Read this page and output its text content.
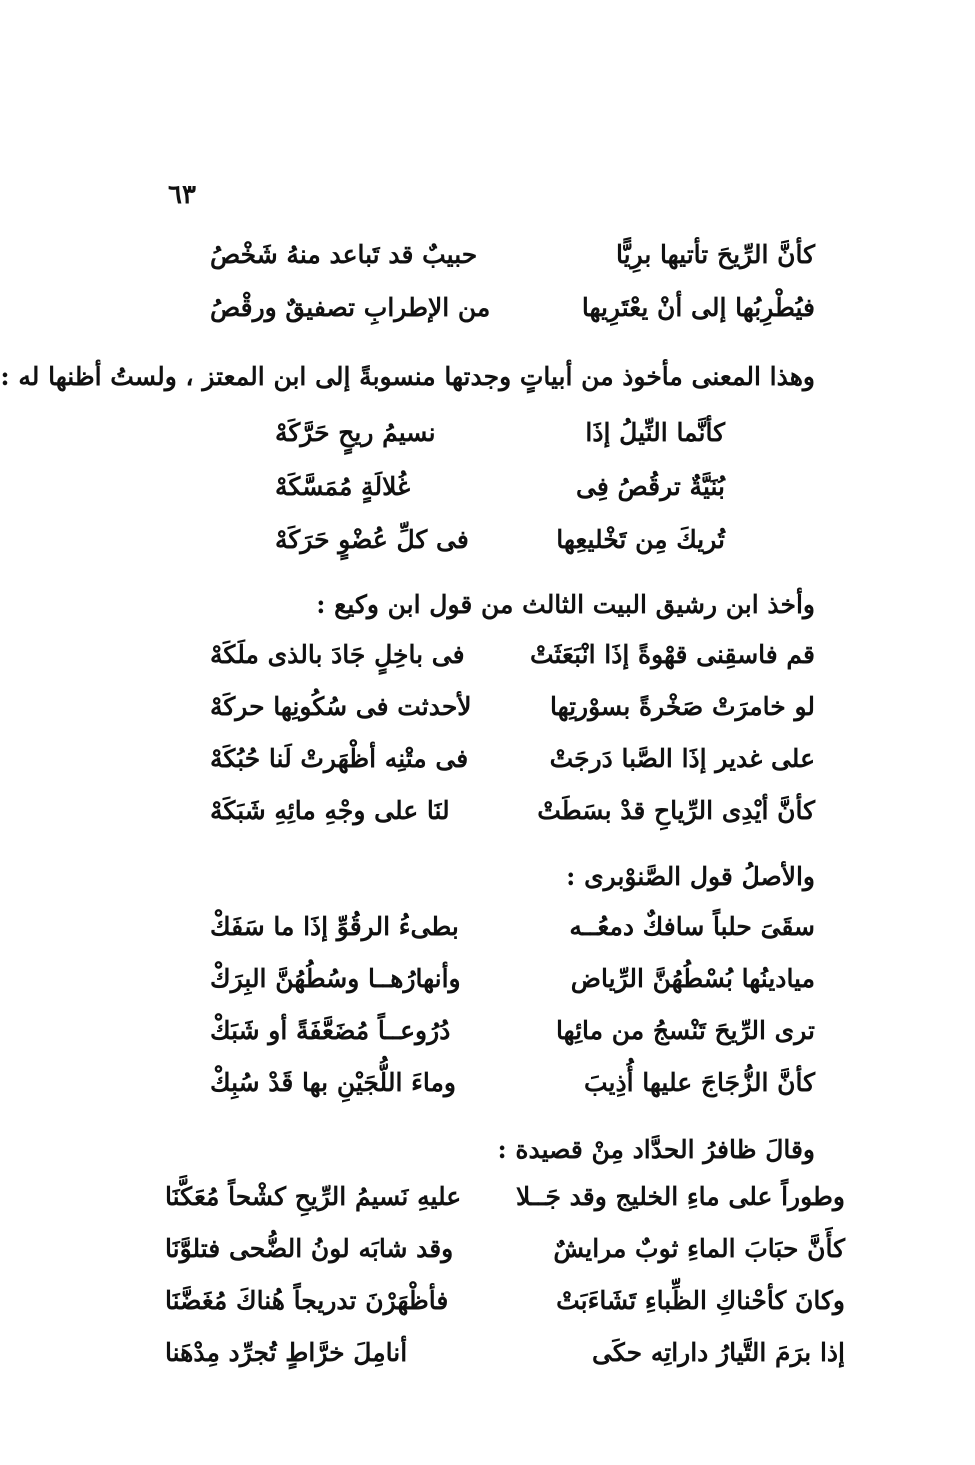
٦٣
كأنَّ الرِّيحَ تأتيها برِيًّا
حبيبٌ قد تَباعد منهُ شَخْصُ
فيُطْرِبُها إلى أنْ يعْتَرِيها
من الإطرابِ تصفيقٌ ورقْصُ
وهذا المعنى مأخوذ من أبياتٍ وجدتها منسوبةً إلى ابن المعتز ، ولستُ أظنها له :
كأنَّما النِّيلُ إذَا
نسيمُ ريحٍ حَرَّكَهْ
بُنَيَّةٌ ترقُصُ فِى
غُلالَةٍ مُمَسَّكَهْ
تُريكَ مِن تَخْليعِها
فى كلِّ عُضْوٍ حَرَكَهْ
وأخذ ابن رشيق البيت الثالث من قول ابن وكيع :
قم فاسقِنى قهْوةً إذَا انْبَعَثَتْ
فى باخِلٍ جَادَ بالذى ملَكَهْ
لو خامرَتْ صَخْرةً بسوْرتِها
لأحدثت فى سُكُونِها حركَهْ
على غدير إذَا الصَّبا دَرجَتْ
فى متْنِه أظْهَرتْ لَنا حُبُكَهْ
كأنَّ أيْدِى الرِّياحِ قدْ بسَطَتْ
لنَا على وجْهِ مائِهِ شَبَكَهْ
والأصلُ قول الصَّنوْبرى :
سقَىَ حلباً سافكٌ دمعُــه
بطىءُ الرقُوِّ إذَا ما سَفَكْ
ميادينُها بُسْطُهُنَّ الرِّياض
وأنهارُهــا وسُطُهُنَّ البِرَكْ
ترى الرِّيحَ تَنْسجُ من مائِها
دُرُوعــاً مُضَعَّفَةً أو شَبَكْ
كأنَّ الزُّجَاجَ عليها أُذِيبَ
وماءَ اللُّجَيْنِ بها قَدْ سُبِكْ
وقالَ ظافرُ الحدَّاد مِنْ قصيدة :
وطوراً على ماءِ الخليج وقد جَــلا
عليهِ نَسيمُ الرِّيحِ كشْحاً مُعَكَّنَا
كأَنَّ حبَابَ الماءِ ثوبٌ مرايشٌ
وقد شابَه لونُ الضُّحى فتلوَّنَا
وكانَ كأحْناكِ الظِّباءِ تَشَاءَبَتْ
فأظْهَرْنَ تدريجاً هُناكَ مُغَضَّنَا
إذا برَمَ التَّيارُ داراتِه حكَى
أنامِلَ خرَّاطٍ تُجرِّد مِدْهَنا
